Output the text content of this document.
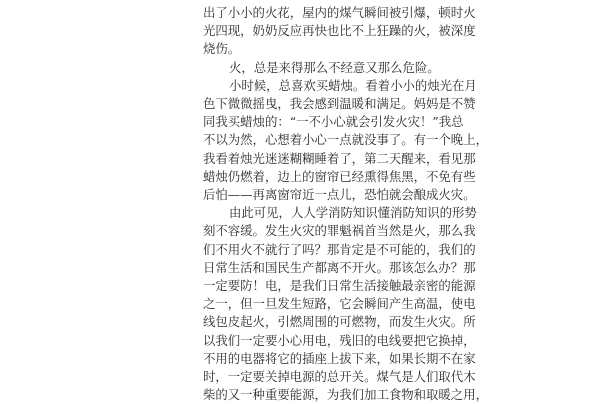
出了小小的火花，屋内的煤气瞬间被引爆，顿时火
光四现，奶奶反应再快也比不上狂躁的火，被深度
烧伤。

火，总是来得那么不经意又那么危险。

小时候，总喜欢买蜡烛。看着小小的烛光在月
色下微微摇曳，我会感到温暖和满足。妈妈是不赞
同我买蜡烛的：“一不小心就会引发火灾！”我总
不以为然，心想着小心一点就没事了。有一个晚上，
我看着烛光迷迷糊糊睡着了，第二天醒来，看见那
蜡烛仍燃着，边上的窗帘已经熏得焦黑，不免有些
后怕——再离窗帘近一点儿，恐怕就会酿成火灾。

由此可见，人人学消防知识懂消防知识的形势
刻不容缓。发生火灾的罪魁祸首当然是火，那么我
们不用火不就行了吗？那肯定是不可能的，我们的
日常生活和国民生产都离不开火。那该怎么办？那
一定要防！电，是我们日常生活接触最亲密的能源
之一，但一旦发生短路，它会瞬间产生高温，使电
线包皮起火，引燃周围的可燃物，而发生火灾。所
以我们一定要小心用电，残旧的电线要把它换掉，
不用的电器将它的插座上拔下来，如果长期不在家
时，一定要关掉电源的总开关。煤气是人们取代木
柴的又一种重要能源，为我们加工食物和取暖之用，
